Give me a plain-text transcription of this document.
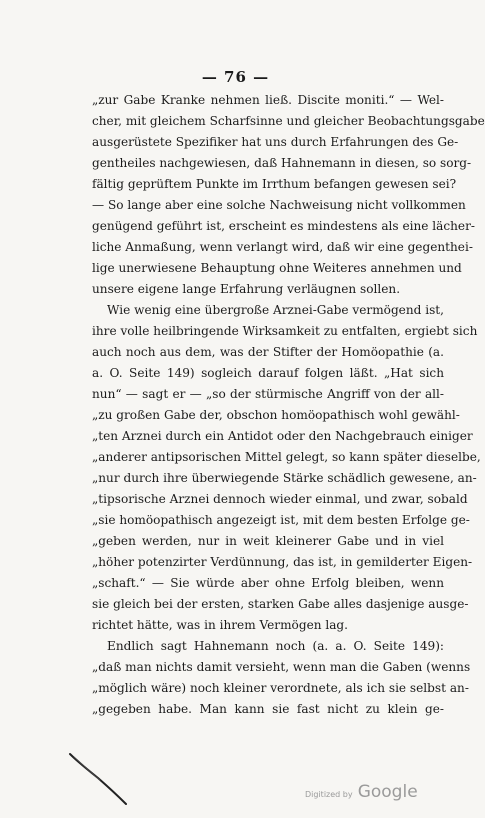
— 76 —
„zur Gabe Kranke nehmen ließ. Discite moniti.“ — Wel-
cher, mit gleichem Scharfsinne und gleicher Beobachtungsgabe
ausgerüstete Spezifiker hat uns durch Erfahrungen des Ge-
gentheiles nachgewiesen, daß Hahnemann in diesen, so sorg-
fältig geprüftem Punkte im Irrthum befangen gewesen sei?
— So lange aber eine solche Nachweisung nicht vollkommen
genügend geführt ist, erscheint es mindestens als eine lächer-
liche Anmaßung, wenn verlangt wird, daß wir eine gegenthei-
lige unerwiesene Behauptung ohne Weiteres annehmen und
unsere eigene lange Erfahrung verläugnen sollen.
Wie wenig eine übergroße Arznei-Gabe vermögend ist,
ihre volle heilbringende Wirksamkeit zu entfalten, ergiebt sich
auch noch aus dem, was der Stifter der Homöopathie (a.
a. O. Seite 149) sogleich darauf folgen läßt. „Hat sich
nun“ — sagt er — „so der stürmische Angriff von der all-
„zu großen Gabe der, obschon homöopathisch wohl gewähl-
„ten Arznei durch ein Antidot oder den Nachgebrauch einiger
„anderer antipsorischen Mittel gelegt, so kann später dieselbe,
„nur durch ihre überwiegende Stärke schädlich gewesene, an-
„tipsorische Arznei dennoch wieder einmal, und zwar, sobald
„sie homöopathisch angezeigt ist, mit dem besten Erfolge ge-
„geben werden, nur in weit kleinerer Gabe und in viel
„höher potenzirter Verdünnung, das ist, in gemilderter Eigen-
„schaft.“ — Sie würde aber ohne Erfolg bleiben, wenn
sie gleich bei der ersten, starken Gabe alles dasjenige ausge-
richtet hätte, was in ihrem Vermögen lag.
Endlich sagt Hahnemann noch (a. a. O. Seite 149):
„daß man nichts damit versieht, wenn man die Gaben (wenns
„möglich wäre) noch kleiner verordnete, als ich sie selbst an-
„gegeben habe. Man kann sie fast nicht zu klein ge-
Digitized by Google
